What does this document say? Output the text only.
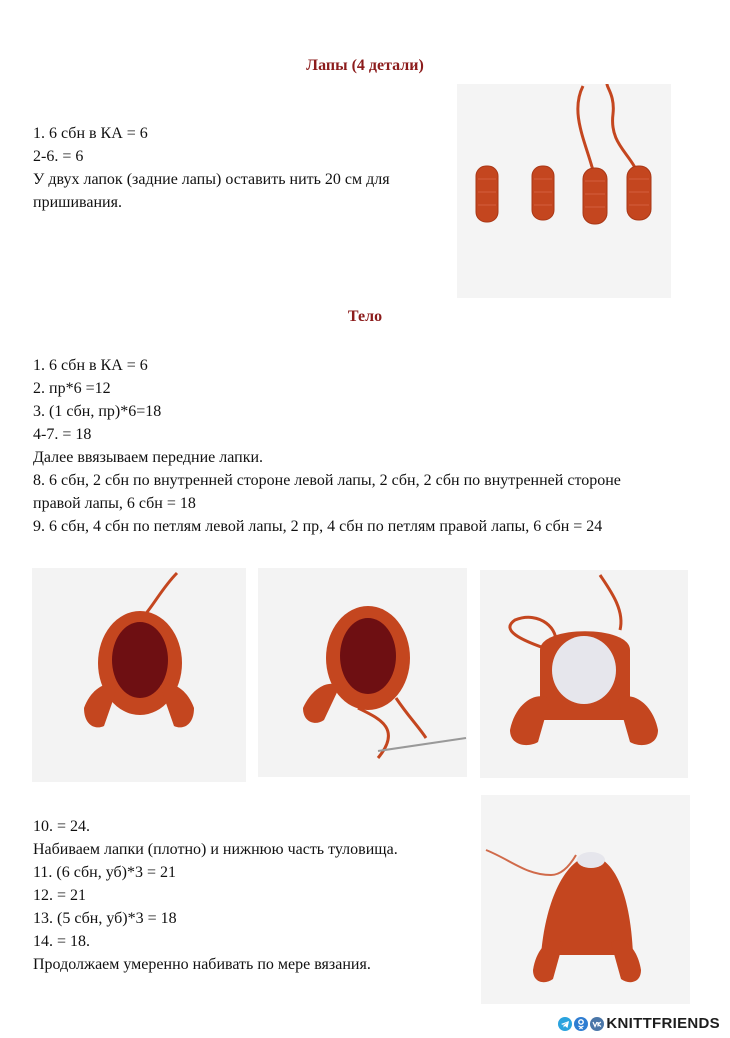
Лапы (4 детали)
1. 6 сбн в КА = 6
2-6. = 6
У двух лапок (задние лапы) оставить нить 20 см для
пришивания.
Тело
1. 6 сбн в КА = 6
2. пр*6 =12
3. (1 сбн, пр)*6=18
4-7. = 18
Далее ввязываем передние лапки.
8. 6 сбн, 2 сбн по внутренней стороне левой лапы, 2 сбн, 2 сбн по внутренней стороне
правой лапы, 6 сбн = 18
9. 6 сбн, 4 сбн по петлям левой лапы, 2 пр, 4 сбн по петлям правой лапы, 6 сбн = 24
10. = 24.
Набиваем лапки (плотно) и нижнюю часть туловища.
11. (6 сбн, уб)*3 = 21
12. = 21
13. (5 сбн, уб)*3 = 18
14. = 18.
Продолжаем умеренно набивать по мере вязания.
KNITTFRIENDS
